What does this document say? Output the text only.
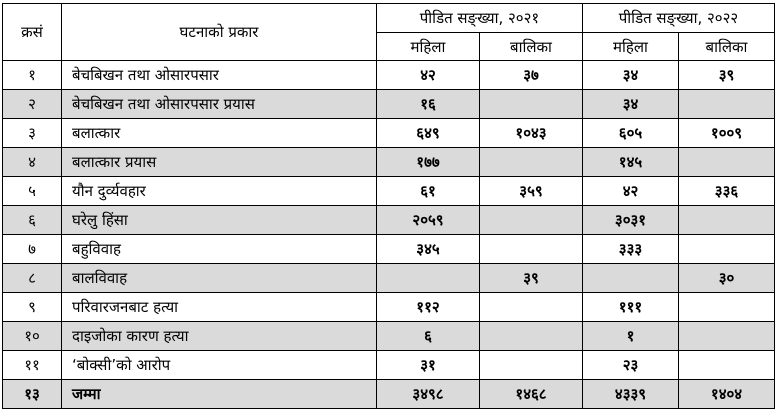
क्रसं	घटनाको प्रकार	पीडित सङ्ख्या, २०२१		पीडित सङ्ख्या, २०२२	
		महिला	बालिका	महिला	बालिका
१	बेचबिखन तथा ओसारपसार	४२	३७	३४	३९
२	बेचबिखन तथा ओसारपसार प्रयास	१६		३४	
३	बलात्कार	६४९	१०४३	६०५	१००९
४	बलात्कार प्रयास	१७७		१४५	
५	यौन दुर्व्यवहार	६१	३५९	४२	३३६
६	घरेलु हिंसा	२०५९		३०३१	
७	बहुविवाह	३४५		३३३	
८	बालविवाह		३९		३०
९	परिवारजनबाट हत्या	११२		१११	
१०	दाइजोका कारण हत्या	६		१	
११	‘बोक्सी’को आरोप	३१		२३	
१३	जम्मा	३४९८	१४६८	४३३९	१४०४
